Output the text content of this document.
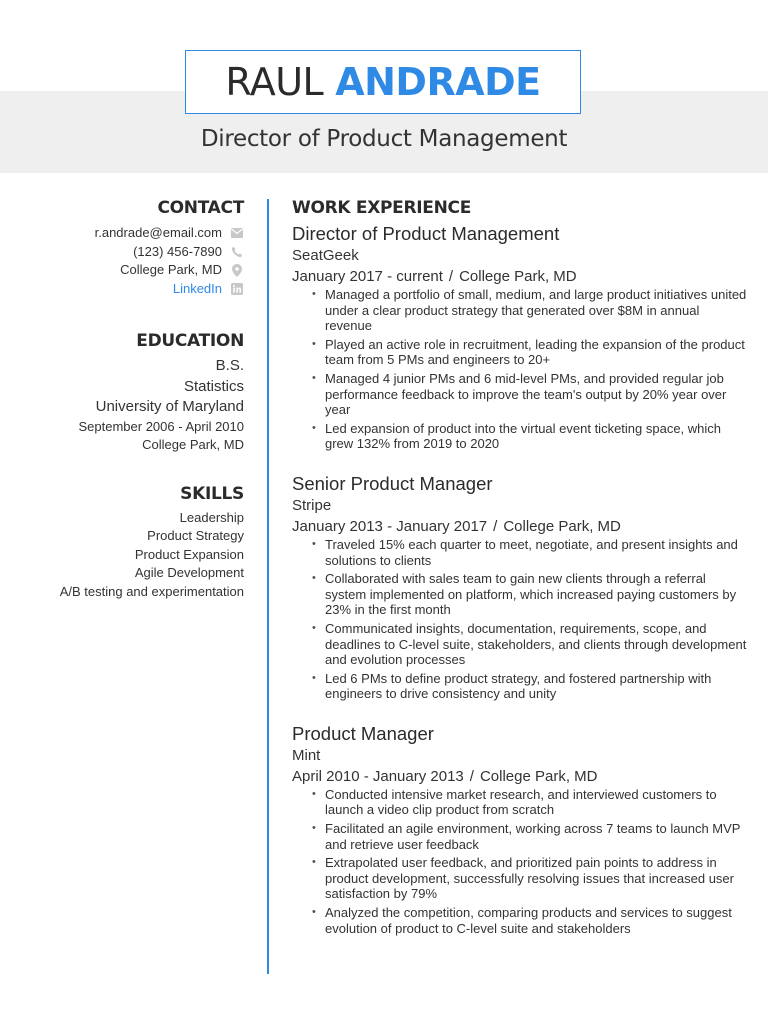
RAUL ANDRADE
Director of Product Management
CONTACT
r.andrade@email.com
(123) 456-7890
College Park, MD
LinkedIn
EDUCATION
B.S.
Statistics
University of Maryland
September 2006 - April 2010
College Park, MD
SKILLS
Leadership
Product Strategy
Product Expansion
Agile Development
A/B testing and experimentation
WORK EXPERIENCE
Director of Product Management
SeatGeek
January 2017 - current / College Park, MD
• Managed a portfolio of small, medium, and large product initiatives united under a clear product strategy that generated over $8M in annual revenue
• Played an active role in recruitment, leading the expansion of the product team from 5 PMs and engineers to 20+
• Managed 4 junior PMs and 6 mid-level PMs, and provided regular job performance feedback to improve the team's output by 20% year over year
• Led expansion of product into the virtual event ticketing space, which grew 132% from 2019 to 2020
Senior Product Manager
Stripe
January 2013 - January 2017 / College Park, MD
• Traveled 15% each quarter to meet, negotiate, and present insights and solutions to clients
• Collaborated with sales team to gain new clients through a referral system implemented on platform, which increased paying customers by 23% in the first month
• Communicated insights, documentation, requirements, scope, and deadlines to C-level suite, stakeholders, and clients through development and evolution processes
• Led 6 PMs to define product strategy, and fostered partnership with engineers to drive consistency and unity
Product Manager
Mint
April 2010 - January 2013 / College Park, MD
• Conducted intensive market research, and interviewed customers to launch a video clip product from scratch
• Facilitated an agile environment, working across 7 teams to launch MVP and retrieve user feedback
• Extrapolated user feedback, and prioritized pain points to address in product development, successfully resolving issues that increased user satisfaction by 79%
• Analyzed the competition, comparing products and services to suggest evolution of product to C-level suite and stakeholders
